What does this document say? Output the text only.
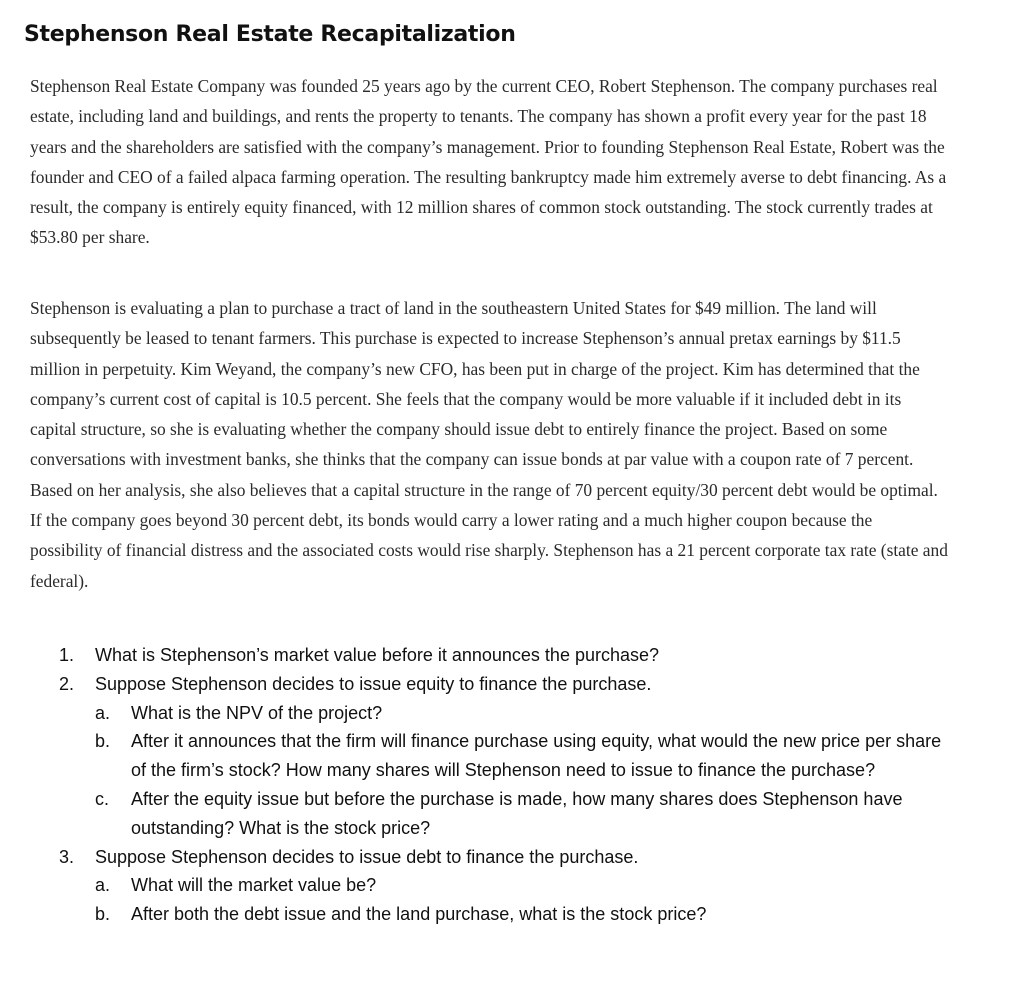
Stephenson Real Estate Recapitalization

Stephenson Real Estate Company was founded 25 years ago by the current CEO, Robert Stephenson. The company purchases real estate, including land and buildings, and rents the property to tenants. The company has shown a profit every year for the past 18 years and the shareholders are satisfied with the company’s management. Prior to founding Stephenson Real Estate, Robert was the founder and CEO of a failed alpaca farming operation. The resulting bankruptcy made him extremely averse to debt financing. As a result, the company is entirely equity financed, with 12 million shares of common stock outstanding. The stock currently trades at $53.80 per share.

Stephenson is evaluating a plan to purchase a tract of land in the southeastern United States for $49 million. The land will subsequently be leased to tenant farmers. This purchase is expected to increase Stephenson’s annual pretax earnings by $11.5 million in perpetuity. Kim Weyand, the company’s new CFO, has been put in charge of the project. Kim has determined that the company’s current cost of capital is 10.5 percent. She feels that the company would be more valuable if it included debt in its capital structure, so she is evaluating whether the company should issue debt to entirely finance the project. Based on some conversations with investment banks, she thinks that the company can issue bonds at par value with a coupon rate of 7 percent. Based on her analysis, she also believes that a capital structure in the range of 70 percent equity/30 percent debt would be optimal. If the company goes beyond 30 percent debt, its bonds would carry a lower rating and a much higher coupon because the possibility of financial distress and the associated costs would rise sharply. Stephenson has a 21 percent corporate tax rate (state and federal).

1.	What is Stephenson’s market value before it announces the purchase?
2.	Suppose Stephenson decides to issue equity to finance the purchase.
a.	What is the NPV of the project?
b.	After it announces that the firm will finance purchase using equity, what would the new price per share of the firm’s stock? How many shares will Stephenson need to issue to finance the purchase?
c.	After the equity issue but before the purchase is made, how many shares does Stephenson have outstanding? What is the stock price?
3.	Suppose Stephenson decides to issue debt to finance the purchase.
a.	What will the market value be?
b.	After both the debt issue and the land purchase, what is the stock price?
